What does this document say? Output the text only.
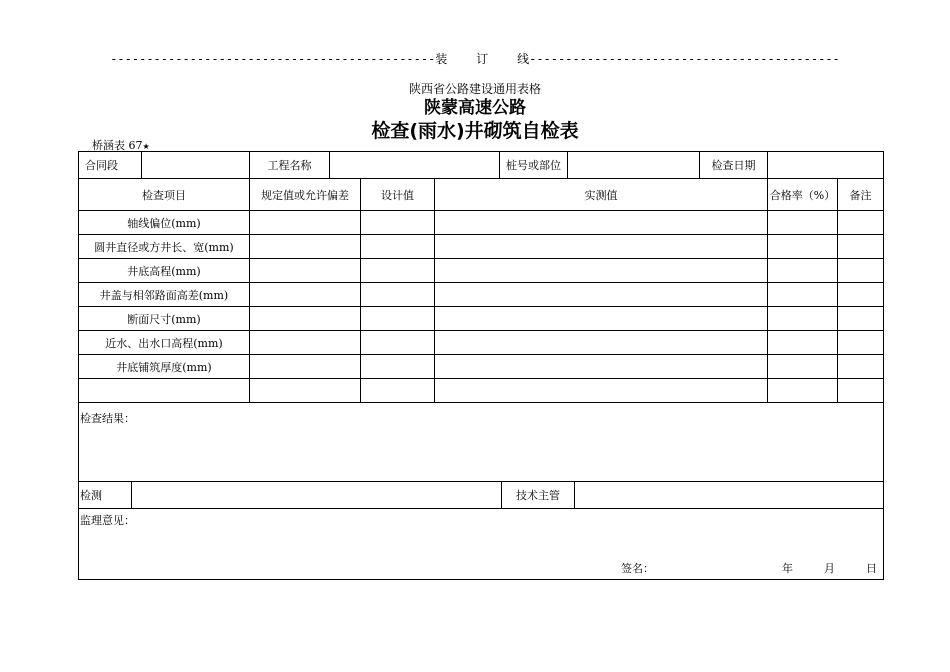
---------------------------------------------装    订    线-------------------------------------------
陕西省公路建设通用表格
陕蒙高速公路
检查(雨水)井砌筑自检表
桥涵表 67★
合同段		工程名称		桩号或部位		检查日期	
检查项目	规定值或允许偏差	设计值	实测值	合格率（%）	备注
轴线偏位(mm)					
圆井直径或方井长、宽(mm)					
井底高程(mm)					
井盖与相邻路面高差(mm)					
断面尺寸(mm)					
近水、出水口高程(mm)					
井底铺筑厚度(mm)					

检查结果：

检测		技术主管	

监理意见：
签名：	年	月	日
